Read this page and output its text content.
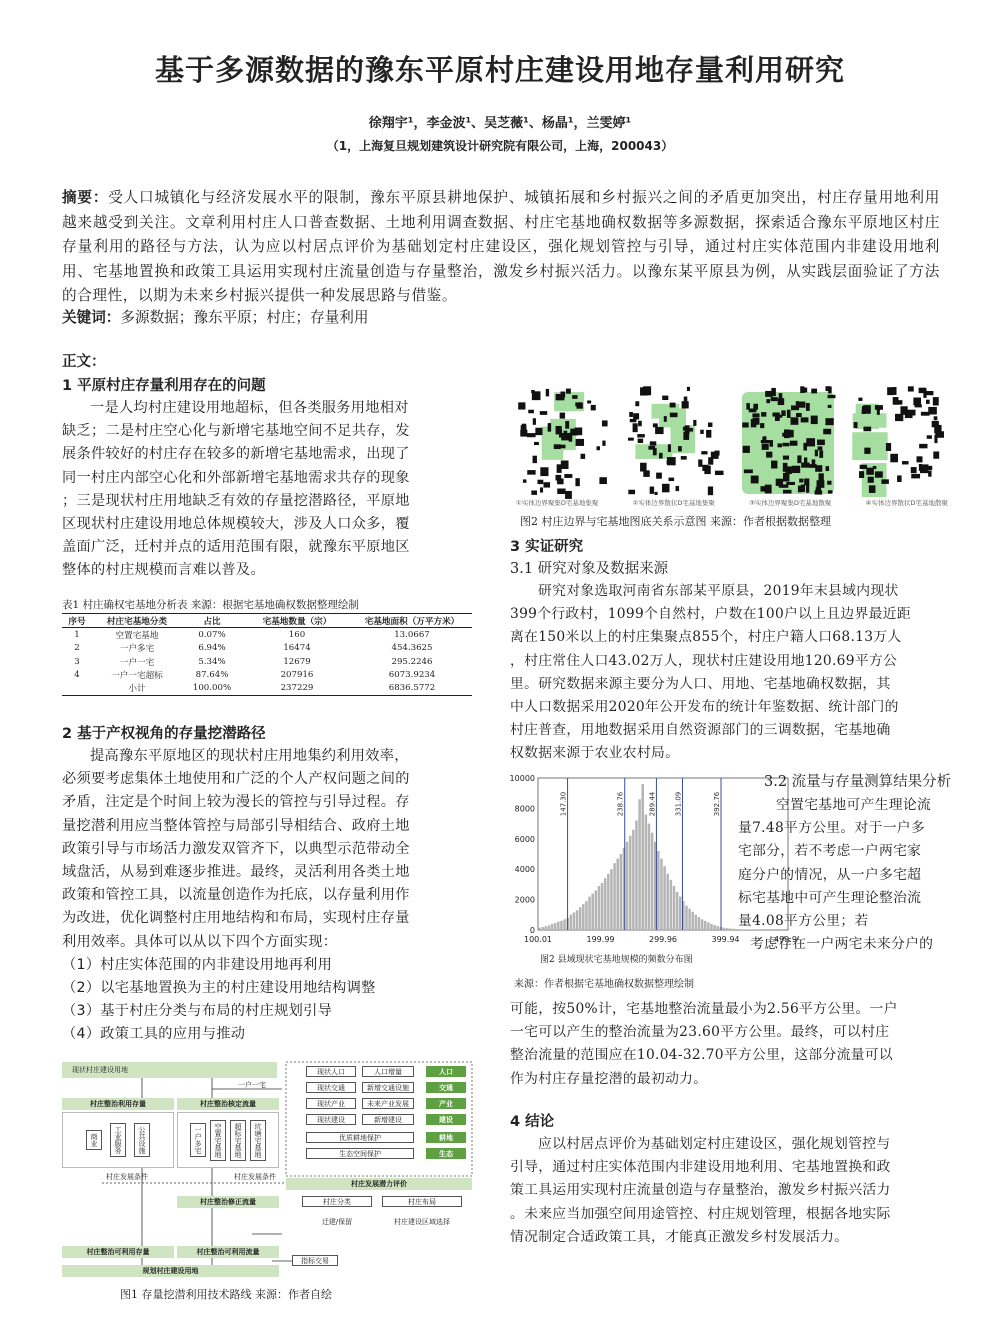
基于多源数据的豫东平原村庄建设用地存量利用研究
徐翔宇¹，李金波¹、吴芝薇¹、杨晶¹，兰雯婷¹
（1，上海复旦规划建筑设计研究院有限公司，上海，200043）
摘要：受人口城镇化与经济发展水平的限制，豫东平原县耕地保护、城镇拓展和乡村振兴之间的矛盾更加突出，村庄存量用地利用越来越受到关注。文章利用村庄人口普查数据、土地利用调查数据、村庄宅基地确权数据等多源数据，探索适合豫东平原地区村庄存量利用的路径与方法，认为应以村居点评价为基础划定村庄建设区，强化规划管控与引导，通过村庄实体范围内非建设用地利用、宅基地置换和政策工具运用实现村庄流量创造与存量整治，激发乡村振兴活力。以豫东某平原县为例，从实践层面验证了方法的合理性，以期为未来乡村振兴提供一种发展思路与借鉴。
关键词：多源数据；豫东平原；村庄；存量利用
正文：
1 平原村庄存量利用存在的问题
一是人均村庄建设用地超标，但各类服务用地相对
缺乏；二是村庄空心化与新增宅基地空间不足共存，发
展条件较好的村庄存在较多的新增宅基地需求，出现了
同一村庄内部空心化和外部新增宅基地需求共存的现象
；三是现状村庄用地缺乏有效的存量挖潜路径，平原地
区现状村庄建设用地总体规模较大，涉及人口众多，覆
盖面广泛，迁村并点的适用范围有限，就豫东平原地区
整体的村庄规模而言难以普及。
表1 村庄确权宅基地分析表 来源：根据宅基地确权数据整理绘制
序号	村庄宅基地分类	占比	宅基地数量（宗）	宅基地面积（万平方米）
1	空置宅基地	0.07%	160	13.0667
2	一户多宅	6.94%	16474	454.3625
3	一户一宅	5.34%	12679	295.2246
4	一户一宅超标	87.64%	207916	6073.9234
	小计	100.00%	237229	6836.5772
2 基于产权视角的存量挖潜路径
提高豫东平原地区的现状村庄用地集约利用效率，
必须要考虑集体土地使用和广泛的个人产权问题之间的
矛盾，注定是个时间上较为漫长的管控与引导过程。存
量挖潜利用应当整体管控与局部引导相结合、政府土地
政策引导与市场活力激发双管齐下，以典型示范带动全
域盘活，从易到难逐步推进。最终，灵活利用各类土地
政策和管控工具，以流量创造作为托底，以存量利用作
为改进，优化调整村庄用地结构和布局，实现村庄存量
利用效率。具体可以从以下四个方面实现：
（1）村庄实体范围的内非建设用地再利用
（2）以宅基地置换为主的村庄建设用地结构调整
（3）基于村庄分类与布局的村庄规划引导
（4）政策工具的应用与推动
现状村庄建设用地
一户一宅
村庄整治利用存量	村庄整治核定流量
商业	工业服务	公共设施	一户多宅	空置宅基地	超标宅基地	坑塘宅基地
现状人口	人口增量	人口
现状交通	新增交通设施	交通
现状产业	未来产业发展	产业
现状建设	新增建设	建设
优质耕地保护	耕地
生态空间保护	生态
村庄发展条件	村庄发展条件
村庄发展潜力评价
村庄整治修正流量	村庄分类	村庄布局
迁建/保留	村庄建设区域选择
村庄整治可利用存量	村庄整治可利用流量
指标交易
规划村庄建设用地
图1 存量挖潜利用技术路线 来源：作者自绘
①实体边界聚集D宅基地集聚	②实体边界散状D宅基地集聚	③实体边界聚集D宅基地散聚	④实体边界散状D宅基地散聚
图2 村庄边界与宅基地图底关系示意图 来源：作者根据数据整理
3 实证研究
3.1 研究对象及数据来源
研究对象选取河南省东部某平原县，2019年末县域内现状
399个行政村，1099个自然村，户数在100户以上且边界最近距
离在150米以上的村庄集聚点855个，村庄户籍人口68.13万人
，村庄常住人口43.02万人，现状村庄建设用地120.69平方公
里。研究数据来源主要分为人口、用地、宅基地确权数据，其
中人口数据采用2020年公开发布的统计年鉴数据、统计部门的
村庄普查，用地数据采用自然资源部门的三调数据，宅基地确
权数据来源于农业农村局。
147.30	238.76	289.44	331.09	392.76
0
2000
4000
6000
8000
10000
100.01	199.99	299.96	399.94	499.9
图2 县域现状宅基地规模的频数分布图
来源：作者根据宅基地确权数据整理绘制
3.2 流量与存量测算结果分析
空置宅基地可产生理论流
量7.48平方公里。对于一户多
宅部分，若不考虑一户两宅家
庭分户的情况，从一户多宅超
标宅基地中可产生理论整治流
量4.08平方公里；若
考虑存在一户两宅未来分户的
可能，按50%计，宅基地整治流量最小为2.56平方公里。一户
一宅可以产生的整治流量为23.60平方公里。最终，可以村庄
整治流量的范围应在10.04-32.70平方公里，这部分流量可以
作为村庄存量挖潜的最初动力。
4 结论
应以村居点评价为基础划定村庄建设区，强化规划管控与
引导，通过村庄实体范围内非建设用地利用、宅基地置换和政
策工具运用实现村庄流量创造与存量整治，激发乡村振兴活力
。未来应当加强空间用途管控、村庄规划管理，根据各地实际
情况制定合适政策工具，才能真正激发乡村发展活力。
